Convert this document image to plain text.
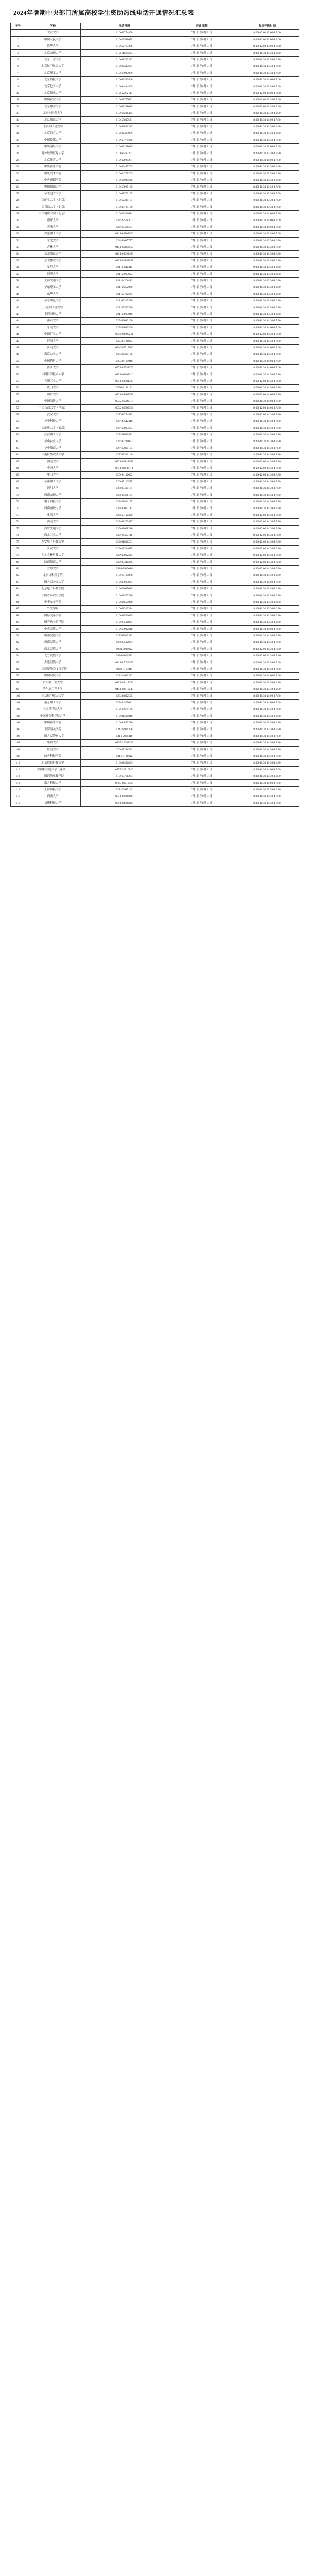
2024年暑期中央部门所属高校学生资助热线电话开通情况汇总表
序号	学校	电话号码	开通日期	每天开通时间
1	北京大学	010-62754400	7月1日至8月31日	8:00-12:00 13:00-17:00
2	中国人民大学	010-62511075	7月1日至8月31日	8:00-12:00 13:00-17:00
3	清华大学	010-62783390	7月1日至8月31日	8:00-12:00 13:00-17:00
4	北京交通大学	010-51684263	7月1日至8月31日	8:30-11:30 13:30-16:30
5	北京工业大学	010-67392222	7月1日至8月31日	8:30-11:30 13:30-16:30
6	北京航空航天大学	010-82317621	7月1日至8月31日	8:30-11:30 13:30-17:00
7	北京理工大学	010-68913079	7月1日至8月31日	8:00-11:30 13:30-17:00
8	北京科技大学	010-62333866	7月1日至8月31日	8:30-11:30 14:00-17:00
9	北京化工大学	010-64434909	7月1日至8月31日	8:00-11:30 13:30-17:00
10	北京邮电大学	010-62282117	7月1日至8月31日	8:00-12:00 14:00-17:00
11	中国农业大学	010-62737651	7月1日至8月31日	8:30-12:00 13:30-17:00
12	北京林业大学	010-62338025	7月1日至8月31日	8:00-12:00 13:30-17:00
13	北京中医药大学	010-64286435	7月1日至8月31日	8:30-11:30 13:30-16:30
14	北京师范大学	010-58807661	7月1日至8月31日	8:30-11:30 14:00-17:00
15	北京外国语大学	010-88816213	7月1日至8月31日	8:30-11:30 13:30-16:30
16	北京语言大学	010-82303950	7月1日至8月31日	8:30-11:30 13:30-16:30
17	中国传媒大学	010-65779266	7月1日至8月31日	8:30-11:30 13:30-17:00
18	中央财经大学	010-62288039	7月1日至8月31日	8:00-11:30 13:00-17:00
19	对外经济贸易大学	010-64492251	7月1日至8月31日	8:30-11:30 13:30-16:30
20	北京体育大学	010-62989281	7月1日至8月31日	8:00-11:30 14:00-17:00
21	中央音乐学院	010-66425765	7月1日至8月31日	8:30-11:30 13:30-16:30
22	中央美术学院	010-64771209	7月1日至8月31日	8:30-11:30 13:30-16:30
23	中央戏剧学院	010-64035626	7月1日至8月31日	8:30-11:30 13:30-16:30
24	中国政法大学	010-58909106	7月1日至8月31日	8:30-11:30 13:30-17:00
25	华北电力大学	010-61772195	7月1日至8月31日	8:00-11:30 13:30-17:00
26	中国矿业大学（北京）	010-62339187	7月1日至8月31日	8:00-11:30 13:30-17:00
27	中国石油大学（北京）	010-89733160	7月1日至8月31日	8:30-11:30 13:30-17:00
28	中国地质大学（北京）	010-82321074	7月1日至8月31日	8:00-11:30 14:00-17:00
29	南开大学	022-23508302	7月1日至8月31日	8:30-11:30 14:00-17:00
30	天津大学	022-27408561	7月1日至8月31日	8:30-11:30 14:00-17:00
31	大连理工大学	0411-84708380	7月1日至8月31日	8:00-11:30 13:30-17:00
32	东北大学	024-83687777	7月1日至8月31日	8:30-11:30 13:30-16:30
33	吉林大学	0431-85166157	7月1日至8月31日	8:00-11:30 13:30-17:00
34	东北师范大学	0431-85099160	7月1日至8月31日	8:30-11:30 13:30-16:30
35	东北林业大学	0451-82191587	7月1日至8月31日	8:30-11:30 13:30-16:30
36	复旦大学	021-65642315	7月1日至8月31日	9:00-11:30 13:30-16:30
37	同济大学	021-65983093	7月1日至8月31日	8:30-11:30 13:30-16:30
38	上海交通大学	021-34206111	7月1日至8月31日	8:30-11:30 13:30-16:30
39	华东理工大学	021-64252066	7月1日至8月31日	8:30-11:30 13:30-16:30
40	东华大学	021-67792235	7月1日至8月31日	8:30-11:30 13:30-16:30
41	华东师范大学	021-62233350	7月1日至8月31日	8:30-11:30 13:30-16:30
42	上海外国语大学	021-35372390	7月1日至8月31日	8:30-11:30 13:30-16:30
43	上海财经大学	021-65903040	7月1日至8月31日	8:30-11:30 13:30-16:30
44	南京大学	025-89683190	7月1日至8月31日	8:30-11:30 14:30-17:30
45	东南大学	025-52090300	7月1日至8月31日	8:30-11:30 14:00-17:00
46	中国矿业大学	0516-83590211	7月1日至8月31日	8:00-12:00 14:30-17:30
47	河海大学	025-83786023	7月1日至8月31日	8:30-11:30 14:30-17:00
48	江南大学	0510-85913566	7月1日至8月31日	8:30-11:30 14:00-17:00
49	南京农业大学	025-84395106	7月1日至8月31日	8:30-11:30 14:30-17:00
50	中国药科大学	025-86185048	7月1日至8月31日	8:30-11:30 14:00-17:00
51	浙江大学	0571-87951379	7月1日至8月31日	8:30-11:30 14:00-17:00
52	中国科学技术大学	0551-63602916	7月1日至8月31日	8:00-11:30 14:30-17:30
53	合肥工业大学	0551-62901720	7月1日至8月31日	8:00-12:00 14:30-17:30
54	厦门大学	0592-2186171	7月1日至8月31日	8:00-11:30 14:30-17:30
55	山东大学	0531-88364952	7月1日至8月31日	8:00-12:00 14:00-17:30
56	中国海洋大学	0532-66782117	7月1日至8月31日	8:00-11:30 14:00-17:00
57	中国石油大学（华东）	0532-86983366	7月1日至8月31日	8:00-12:00 14:00-17:30
58	武汉大学	027-68754515	7月1日至8月31日	8:30-12:00 14:30-17:30
59	华中科技大学	027-87542319	7月1日至8月31日	8:30-11:30 14:30-17:30
60	中国地质大学（武汉）	027-67883253	7月1日至8月31日	8:30-11:30 14:30-17:30
61	武汉理工大学	027-87651882	7月1日至8月31日	8:30-11:30 14:30-17:30
62	华中农业大学	027-87281053	7月1日至8月31日	8:30-11:30 14:30-17:30
63	华中师范大学	027-67865155	7月1日至8月31日	8:30-11:30 14:30-17:30
64	中南财经政法大学	027-88386166	7月1日至8月31日	8:30-11:30 14:30-17:30
65	湖南大学	0731-88822365	7月1日至8月31日	8:00-12:00 14:30-17:30
66	中南大学	0731-88836114	7月1日至8月31日	8:00-12:00 14:30-17:30
67	中山大学	020-84112662	7月1日至8月31日	8:30-12:00 14:30-17:30
68	华南理工大学	020-87110575	7月1日至8月31日	8:30-11:30 14:30-17:30
69	四川大学	028-85405161	7月1日至8月31日	8:30-11:30 14:30-17:30
70	西南交通大学	028-66366167	7月1日至8月31日	8:30-11:30 14:30-17:30
71	电子科技大学	028-61831187	7月1日至8月31日	8:30-11:30 14:30-17:30
72	西南财经大学	028-87092112	7月1日至8月31日	8:30-11:30 14:30-17:30
73	重庆大学	023-65102320	7月1日至8月31日	8:30-12:00 14:30-17:30
74	西南大学	023-68252417	7月1日至8月31日	8:30-12:00 14:30-17:30
75	西安交通大学	029-82668210	7月1日至8月31日	8:00-12:00 14:30-17:30
76	西北工业大学	029-88493116	7月1日至8月31日	8:00-12:00 14:30-17:30
77	西安电子科技大学	029-81891201	7月1日至8月31日	8:00-12:00 14:30-17:30
78	长安大学	029-82334075	7月1日至8月31日	8:00-12:00 14:30-17:30
79	西北农林科技大学	029-87092325	7月1日至8月31日	8:00-12:00 14:30-17:30
80	陕西师范大学	029-85310226	7月1日至8月31日	8:00-12:00 14:30-17:30
81	兰州大学	0931-8912016	7月1日至8月31日	8:30-12:00 14:30-17:30
82	北京协和医学院	010-65105888	7月1日至8月31日	8:30-11:30 13:30-16:30
83	中国人民公安大学	010-83903064	7月1日至8月31日	8:30-11:30 14:00-17:00
84	北京电子科技学院	010-83635019	7月1日至8月31日	8:30-11:30 13:30-16:30
85	中国青年政治学院	010-88567280	7月1日至8月31日	8:30-11:30 13:30-16:30
86	中华女子学院	010-84659028	7月1日至8月31日	8:30-11:30 13:30-16:30
87	外交学院	010-68323324	7月1日至8月31日	8:30-11:30 13:30-16:30
88	国际关系学院	010-62861035	7月1日至8月31日	8:30-11:30 13:30-16:30
89	中国劳动关系学院	010-88561867	7月1日至8月31日	8:30-11:30 13:30-16:30
90	中央民族大学	010-68932618	7月1日至8月31日	8:00-11:30 14:00-17:00
91	中南民族大学	027-67842312	7月1日至8月31日	8:30-11:30 14:30-17:30
92	西南民族大学	028-85522075	7月1日至8月31日	8:30-11:30 14:30-17:30
93	西北民族大学	0931-2938022	7月1日至8月31日	8:30-12:00 14:30-17:30
94	北方民族大学	0951-2066512	7月1日至8月31日	8:30-12:00 14:30-17:30
95	大连民族大学	0411-87656155	7月1日至8月31日	8:00-11:30 13:30-17:00
96	中国民用航空飞行学院	0838-5183011	7月1日至8月31日	8:30-11:30 14:30-17:30
97	中国民航大学	022-24092222	7月1日至8月31日	8:30-11:30 14:00-17:00
98	哈尔滨工业大学	0451-86418390	7月1日至8月31日	8:30-11:30 13:30-16:30
99	哈尔滨工程大学	0451-82519147	7月1日至8月31日	8:30-11:30 13:30-16:30
100	南京航空航天大学	025-84892505	7月1日至8月31日	8:30-11:30 14:00-17:00
101	南京理工大学	025-84315031	7月1日至8月31日	8:30-11:30 14:00-17:00
102	中国科学院大学	010-69671188	7月1日至8月31日	8:30-11:30 13:30-17:00
103	中国社会科学院大学	010-81360010	7月1日至8月31日	8:30-11:30 13:30-16:30
104	中国音乐学院	010-64887286	7月1日至8月31日	8:30-11:30 13:30-16:30
105	上海海关学院	021-28991296	7月1日至8月31日	8:30-11:30 13:30-16:30
106	中国人民警察大学	0316-2068310	7月1日至8月31日	8:30-11:30 14:30-17:30
107	华侨大学	0595-22692335	7月1日至8月31日	8:00-11:30 14:30-17:30
108	暨南大学	020-85220211	7月1日至8月31日	8:30-11:30 14:30-17:30
109	防灾科技学院	0316-3126612	7月1日至8月31日	8:00-11:30 14:30-17:30
110	北京信息科技大学	010-82426869	7月1日至8月31日	8:30-11:30 13:30-16:30
111	中国科学院大学（深圳）	0755-26910020	7月1日至8月31日	8:30-11:30 14:00-17:00
112	中国消防救援学院	010-60761234	7月1日至8月31日	8:30-11:30 13:30-16:30
113	南方科技大学	0755-88010120	7月1日至8月31日	8:30-11:30 14:00-17:00
114	上海科技大学	021-20685122	7月1日至8月31日	8:30-11:30 13:30-16:30
115	西湖大学	0571-86886888	7月1日至8月31日	8:30-11:30 13:30-17:00
116	福耀科技大学	0591-83989898	7月1日至8月31日	8:30-11:30 14:30-17:30
